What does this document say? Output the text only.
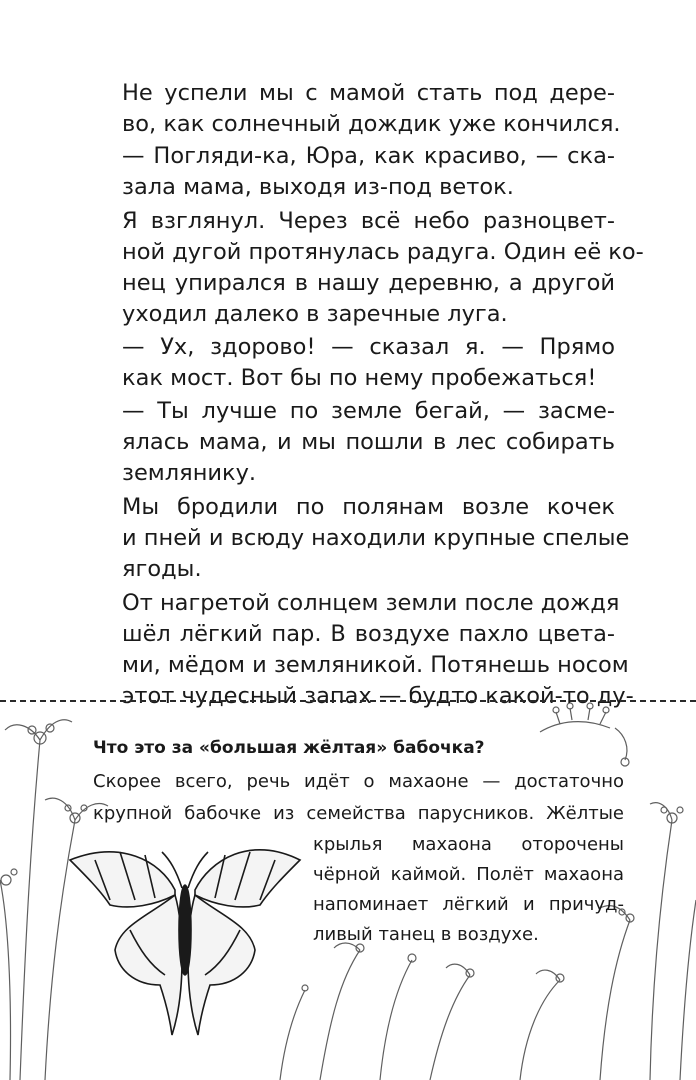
Не успели мы с мамой стать под дере-
во, как солнечный дождик уже кончился.
— Погляди-ка, Юра, как красиво, — ска-
зала мама, выходя из-под веток.
Я взглянул. Через всё небо разноцвет-
ной дугой протянулась радуга. Один её ко-
нец упирался в нашу деревню, а другой
уходил далеко в заречные луга.
— Ух, здорово! — сказал я. — Прямо
как мост. Вот бы по нему пробежаться!
— Ты лучше по земле бегай, — засме-
ялась мама, и мы пошли в лес собирать
землянику.
Мы бродили по полянам возле кочек
и пней и всюду находили крупные спелые
ягоды.
От нагретой солнцем земли после дождя
шёл лёгкий пар. В воздухе пахло цвета-
ми, мёдом и земляникой. Потянешь носом
этот чудесный запах — будто какой-то ду-
Что это за «большая жёлтая» бабочка?
Скорее всего, речь идёт о махаоне — достаточно
крупной бабочке из семейства парусников. Жёлтые
крылья махаона оторочены
чёрной каймой. Полёт махаона
напоминает лёгкий и причуд-
ливый танец в воздухе.
